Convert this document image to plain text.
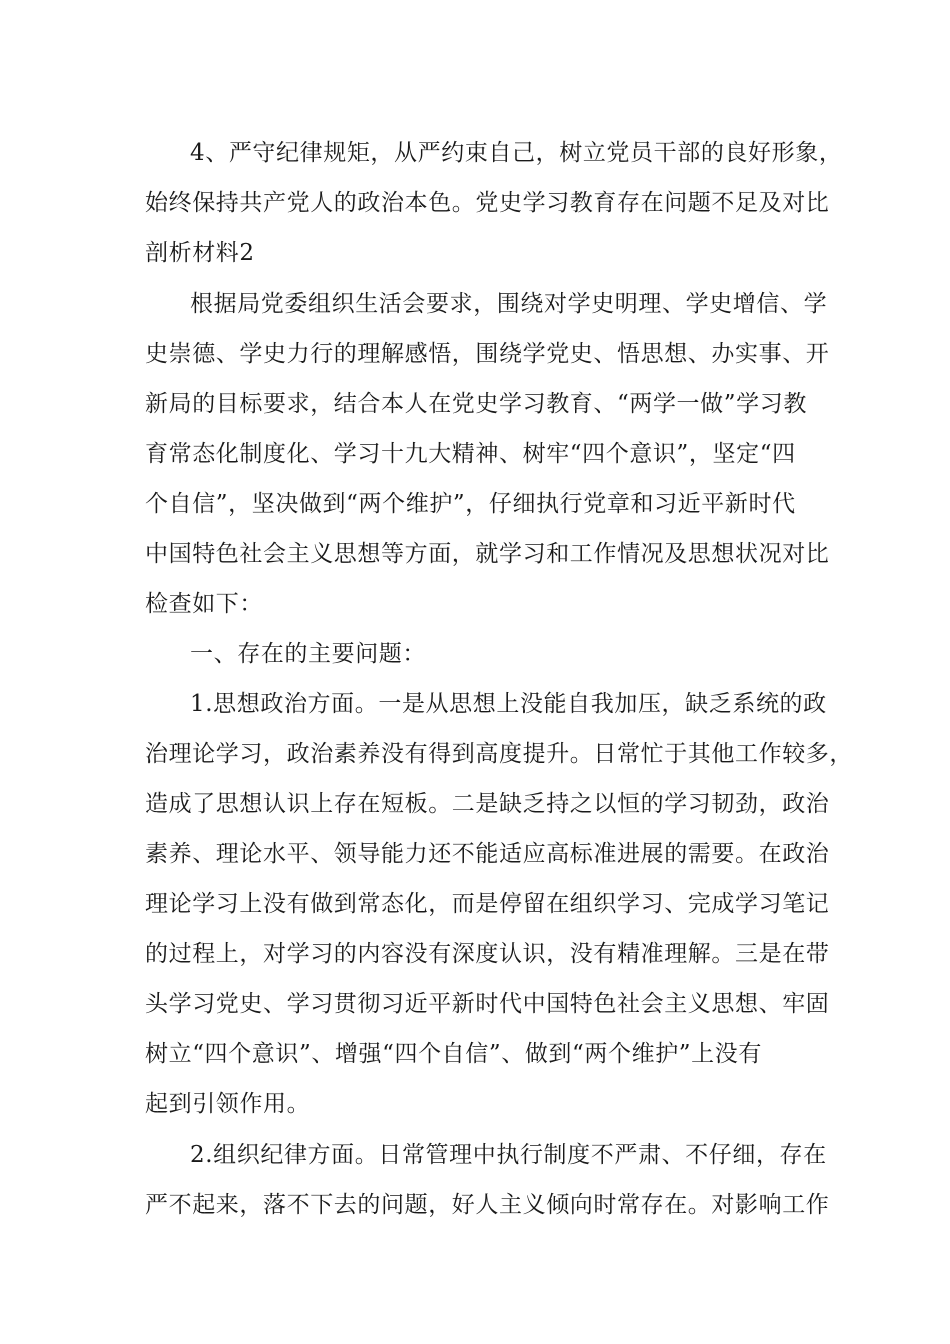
4、严守纪律规矩，从严约束自己，树立党员干部的良好形象，
始终保持共产党人的政治本色。党史学习教育存在问题不足及对比
剖析材料2
根据局党委组织生活会要求，围绕对学史明理、学史增信、学
史崇德、学史力行的理解感悟，围绕学党史、悟思想、办实事、开
新局的目标要求，结合本人在党史学习教育、“两学一做”学习教
育常态化制度化、学习十九大精神、树牢“四个意识”，坚定“四
个自信”，坚决做到“两个维护”，仔细执行党章和习近平新时代
中国特色社会主义思想等方面，就学习和工作情况及思想状况对比
检查如下：
一、存在的主要问题：
1.思想政治方面。一是从思想上没能自我加压，缺乏系统的政
治理论学习，政治素养没有得到高度提升。日常忙于其他工作较多，
造成了思想认识上存在短板。二是缺乏持之以恒的学习韧劲，政治
素养、理论水平、领导能力还不能适应高标准进展的需要。在政治
理论学习上没有做到常态化，而是停留在组织学习、完成学习笔记
的过程上，对学习的内容没有深度认识，没有精准理解。三是在带
头学习党史、学习贯彻习近平新时代中国特色社会主义思想、牢固
树立“四个意识”、增强“四个自信”、做到“两个维护”上没有
起到引领作用。
2.组织纪律方面。日常管理中执行制度不严肃、不仔细，存在
严不起来，落不下去的问题，好人主义倾向时常存在。对影响工作
